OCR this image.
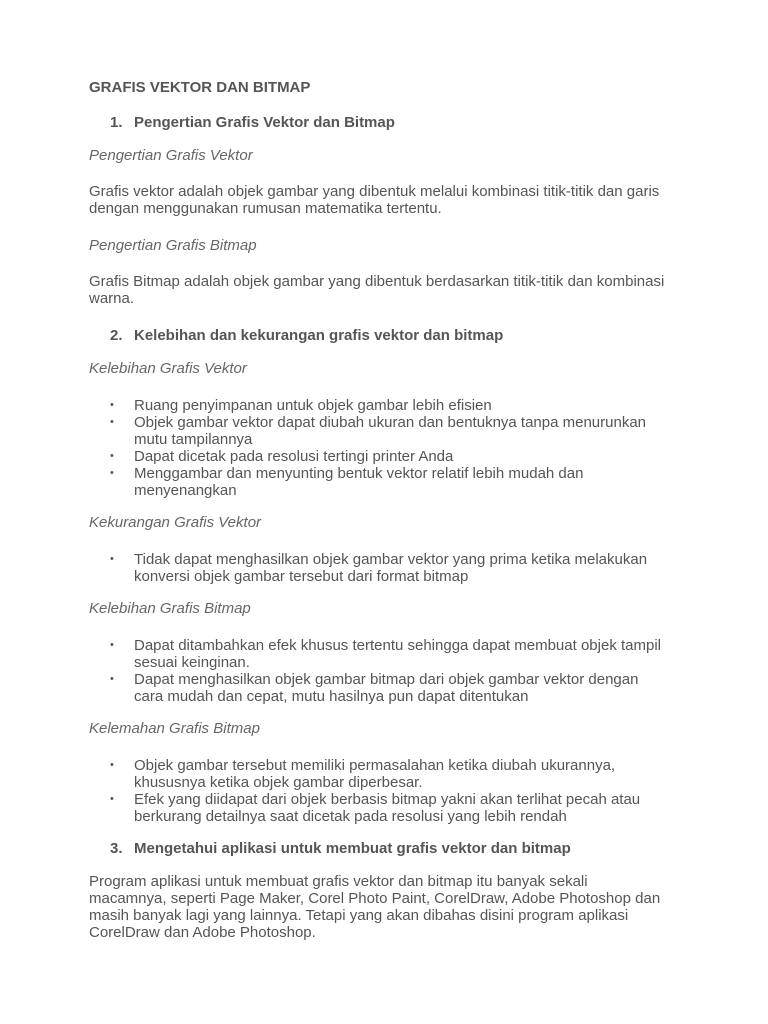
GRAFIS VEKTOR DAN BITMAP
1. Pengertian Grafis Vektor dan Bitmap
Pengertian Grafis Vektor
Grafis vektor adalah objek gambar yang dibentuk melalui kombinasi titik-titik dan garis dengan menggunakan rumusan matematika tertentu.
Pengertian Grafis Bitmap
Grafis Bitmap adalah objek gambar yang dibentuk berdasarkan titik-titik dan kombinasi warna.
2. Kelebihan dan kekurangan grafis vektor dan bitmap
Kelebihan Grafis Vektor
• Ruang penyimpanan untuk objek gambar lebih efisien
• Objek gambar vektor dapat diubah ukuran dan bentuknya tanpa menurunkan mutu tampilannya
• Dapat dicetak pada resolusi tertingi printer Anda
• Menggambar dan menyunting bentuk vektor relatif lebih mudah dan menyenangkan
Kekurangan Grafis Vektor
• Tidak dapat menghasilkan objek gambar vektor yang prima ketika melakukan konversi objek gambar tersebut dari format bitmap
Kelebihan Grafis Bitmap
• Dapat ditambahkan efek khusus tertentu sehingga dapat membuat objek tampil sesuai keinginan.
• Dapat menghasilkan objek gambar bitmap dari objek gambar vektor dengan cara mudah dan cepat, mutu hasilnya pun dapat ditentukan
Kelemahan Grafis Bitmap
• Objek gambar tersebut memiliki permasalahan ketika diubah ukurannya, khususnya ketika objek gambar diperbesar.
• Efek yang diidapat dari objek berbasis bitmap yakni akan terlihat pecah atau berkurang detailnya saat dicetak pada resolusi yang lebih rendah
3. Mengetahui aplikasi untuk membuat grafis vektor dan bitmap
Program aplikasi untuk membuat grafis vektor dan bitmap itu banyak sekali macamnya, seperti Page Maker, Corel Photo Paint, CorelDraw, Adobe Photoshop dan masih banyak lagi yang lainnya. Tetapi yang akan dibahas disini program aplikasi CorelDraw dan Adobe Photoshop.
